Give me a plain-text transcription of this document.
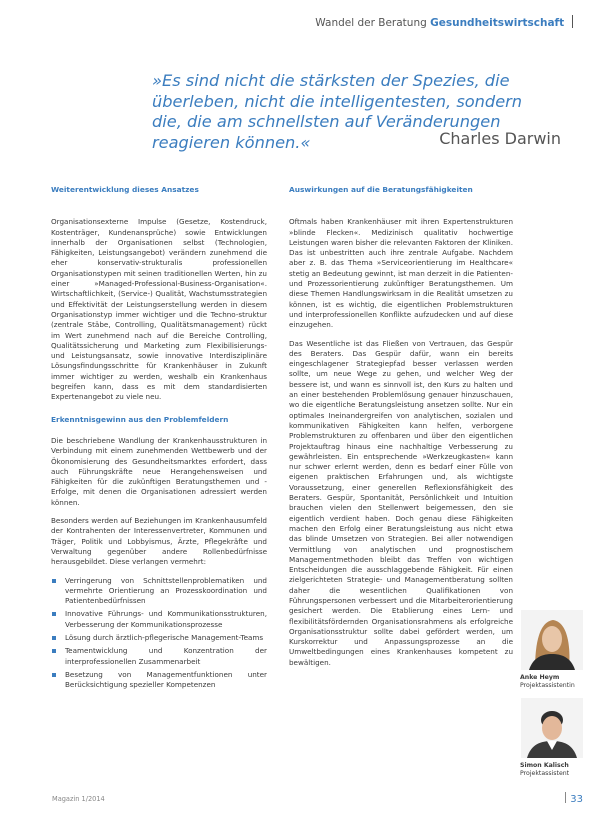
Wandel der Beratung Gesundheitswirtschaft
»Es sind nicht die stärksten der Spezies, die überleben, nicht die intelligentesten, sondern die, die am schnellsten auf Veränderungen reagieren können.«	Charles Darwin
Weiterentwicklung dieses Ansatzes

Organisationsexterne Impulse (Gesetze, Kostendruck, Kostenträger, Kundenansprüche) sowie Entwicklungen innerhalb der Organisationen selbst (Technologien, Fähigkeiten, Leistungsangebot) verändern zunehmend die eher konservativ-strukturalis professionellen Organisationstypen mit seinen traditionellen Werten, hin zu einer »Managed-Professional-Business-Organisation«. Wirtschaftlichkeit, (Service-) Qualität, Wachstumsstrategien und Effektivität der Leistungserstellung werden in diesem Organisationstyp immer wichtiger und die Techno-struktur (zentrale Stäbe, Controlling, Qualitätsmanagement) rückt im Wert zunehmend nach auf die Bereiche Controlling, Qualitätssicherung und Marketing zum Flexibilisierungs- und Leistungsansatz, sowie innovative Interdisziplinäre Lösungsfindungsschritte für Krankenhäuser in Zukunft immer wichtiger zu werden, weshalb ein Krankenhaus begreifen kann, dass es mit dem standardisierten Expertenangebot zu viele neu.

Erkenntnisgewinn aus den Problemfeldern

Die beschriebene Wandlung der Krankenhausstrukturen in Verbindung mit einem zunehmenden Wettbewerb und der Ökonomisierung des Gesundheitsmarktes erfordert, dass auch Führungskräfte neue Herangehensweisen und Fähigkeiten für die zukünftigen Beratungsthemen und -Erfolge, mit denen die Organisationen adressiert werden können.

Besonders werden auf Beziehungen im Krankenhausumfeld der Kontrahenten der Interessenvertreter, Kommunen und Träger, Politik und Lobbyismus, Ärzte, Pflegekräfte und Verwaltung gegenüber andere Rollenbedürfnisse herausgebildet. Diese verlangen vermehrt:

Verringerung von Schnittstellenproblematiken und vermehrte Orientierung an Prozesskoordination und Patientenbedürfnissen
Innovative Führungs- und Kommunikationsstrukturen, Verbesserung der Kommunikationsprozesse
Lösung durch ärztlich-pflegerische Management-Teams
Teamentwicklung und Konzentration der interprofessionellen Zusammenarbeit
Besetzung von Managementfunktionen unter Berücksichtigung spezieller Kompetenzen
Auswirkungen auf die Beratungsfähigkeiten

Oftmals haben Krankenhäuser mit ihren Expertenstrukturen »blinde Flecken«. Medizinisch qualitativ hochwertige Leistungen waren bisher die relevanten Faktoren der Kliniken. Das ist unbestritten auch ihre zentrale Aufgabe. Nachdem aber z. B. das Thema »Serviceorientierung im Healthcare« stetig an Bedeutung gewinnt, ist man derzeit in die Patienten- und Prozessorientierung zukünftiger Beratungsthemen. Um diese Themen Handlungswirksam in die Realität umsetzen zu können, ist es wichtig, die eigentlichen Problemstrukturen und interprofessionellen Konflikte aufzudecken und auf diese einzugehen.

Das Wesentliche ist das Fließen von Vertrauen, das Gespür des Beraters. Das Gespür dafür, wann ein bereits eingeschlagener Strategiepfad besser verlassen werden sollte, um neue Wege zu gehen, und welcher Weg der bessere ist, und wann es sinnvoll ist, den Kurs zu halten und an einer bestehenden Problemlösung genauer hinzuschauen, wo die eigentliche Beratungsleistung ansetzen sollte. Nur ein optimales Ineinandergreifen von analytischen, sozialen und kommunikativen Fähigkeiten kann helfen, verborgene Problemstrukturen zu offenbaren und über den eigentlichen Projektauftrag hinaus eine nachhaltige Verbesserung zu gewährleisten. Ein entsprechende »Werkzeugkasten« kann nur schwer erlernt werden, denn es bedarf einer Fülle von eigenen praktischen Erfahrungen und, als wichtigste Voraussetzung, einer generellen Reflexionsfähigkeit des Beraters. Gespür, Spontanität, Persönlichkeit und Intuition brauchen vielen den Stellenwert beigemessen, den sie eigentlich verdient haben. Doch genau diese Fähigkeiten machen den Erfolg einer Beratungsleistung aus nicht etwa das blinde Umsetzen von Strategien. Bei aller notwendigen Vermittlung von analytischen und prognostischem Managementmethoden bleibt das Treffen von wichtigen Entscheidungen die ausschlaggebende Fähigkeit. Für einen zielgerichteten Strategie- und Managementberatung sollten daher die wesentlichen Qualifikationen von Führungspersonen verbessert und die Mitarbeiterorientierung gesichert werden. Die Etablierung eines Lern- und flexibilitätsfördernden Organisationsrahmens als erfolgreiche Organisationsstruktur sollte dabei gefördert werden, um Kurskorrektur und Anpassungsprozesse an die Umweltbedingungen eines Krankenhauses kompetent zu bewältigen.

Anke Heym
Projektassistentin
Simon Kalisch
Projektassistent
Magazin 1/2014	33
